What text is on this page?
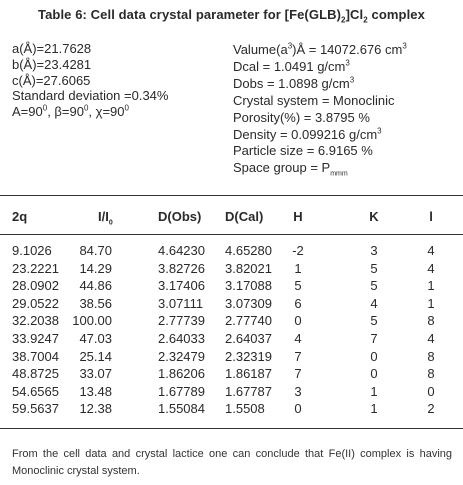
Table 6: Cell data crystal parameter for $[Fe(GLB)_2]Cl_2$ complex
a(Å)=21.7628
b(Å)=23.4281
c(Å)=27.6065
Standard deviation =0.34%
$A=90^0$, $\beta=90^0$, $\chi=90^0$
$Valume(a^3)Å = 14072.676$ $cm^3$
Dcal = 1.0491 $g/cm^3$
Dobs = 1.0898 $g/cm^3$
Crystal system = Monoclinic
Porosity(%) = 3.8795 %
Density = 0.099216 $g/cm^3$
Particle size = 6.9165 %
Space group = $P_{mmm}$
2q	$I/I_0$	D(Obs) D(Cal)	H	K	l
9.1026	84.70	4.64230 4.65280	-2	3	4
23.2221	14.29	3.82726 3.82021	1	5	4
28.0902	44.86	3.17406 3.17088	5	5	1
29.0522	38.56	3.07111 3.07309	6	4	1
32.2038	100.00	2.77739 2.77740	0	5	8
33.9247	47.03	2.64033 2.64037	4	7	4
38.7004	25.14	2.32479 2.32319	7	0	8
48.8725	33.07	1.86206 1.86187	7	0	8
54.6565	13.48	1.67789 1.67787	3	1	0
59.5637	12.38	1.55084 1.5508	0	1	2
From the cell data and crystal lactice one can conclude that Fe(II) complex is having Monoclinic crystal system.
